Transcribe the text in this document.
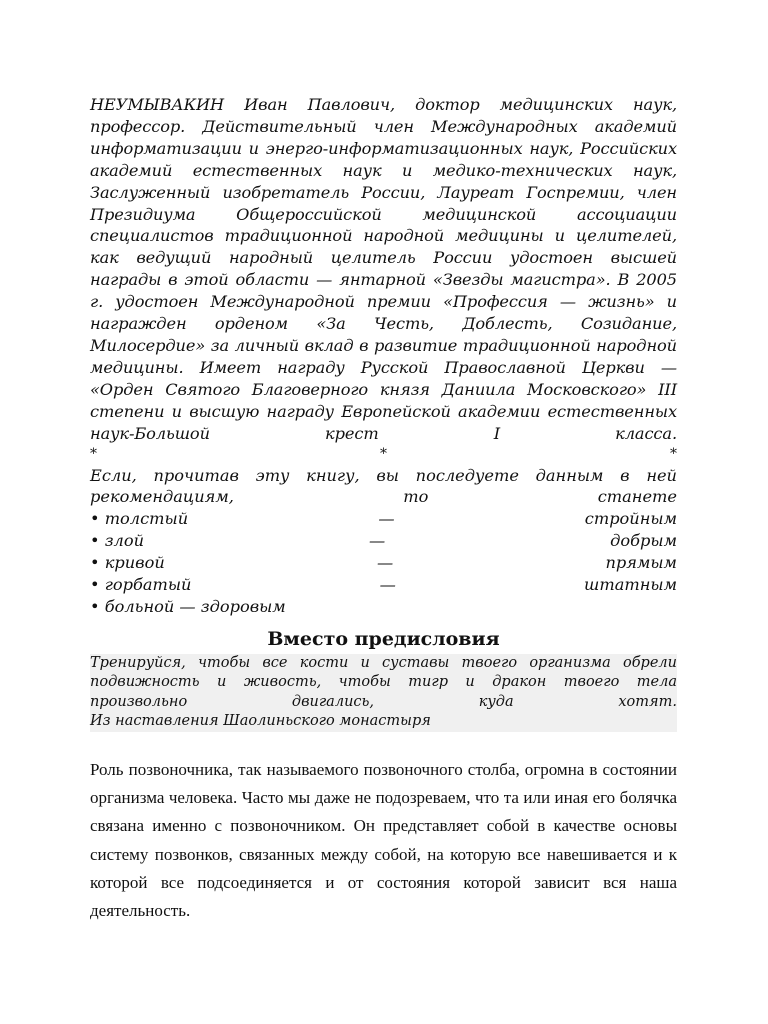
НЕУМЫВАКИН Иван Павлович, доктор медицинских наук, профессор. Действительный член Международных академий информатизации и энерго-информатизационных наук, Российских академий естественных наук и медико-технических наук, Заслуженный изобретатель России, Лауреат Госпремии, член Президиума Общероссийской медицинской ассоциации специалистов традиционной народной медицины и целителей, как ведущий народный целитель России удостоен высшей награды в этой области — янтарной «Звезды магистра». В 2005 г. удостоен Международной премии «Профессия — жизнь» и награжден орденом «За Честь, Доблесть, Созидание, Милосердие» за личный вклад в развитие традиционной народной медицины. Имеет награду Русской Православной Церкви — «Орден Святого Благоверного князя Даниила Московского» III степени и высшую награду Европейской академии естественных наук-Большой крест I класса.

*	*	*

Если, прочитав эту книгу, вы последуете данным в ней

рекомендациям,	то	станете
• толстый	—	стройным
• злой	—	добрым
• кривой	—	прямым
• горбатый	—	штатным
• больной — здоровым
Вместо предисловия

Тренируйся, чтобы все кости и суставы твоего организма обрели подвижность и живость, чтобы тигр и дракон твоего тела

произвольно	двигались,	куда	хотят.

Из наставления Шаолиньского монастыря

Роль позвоночника, так называемого позвоночного столба, огромна в состоянии организма человека. Часто мы даже не подозреваем, что та или иная его болячка связана именно с позвоночником. Он представляет собой в качестве основы систему позвонков, связанных между собой, на которую все навешивается и к которой все подсоединяется и от состояния которой зависит вся наша деятельность.
